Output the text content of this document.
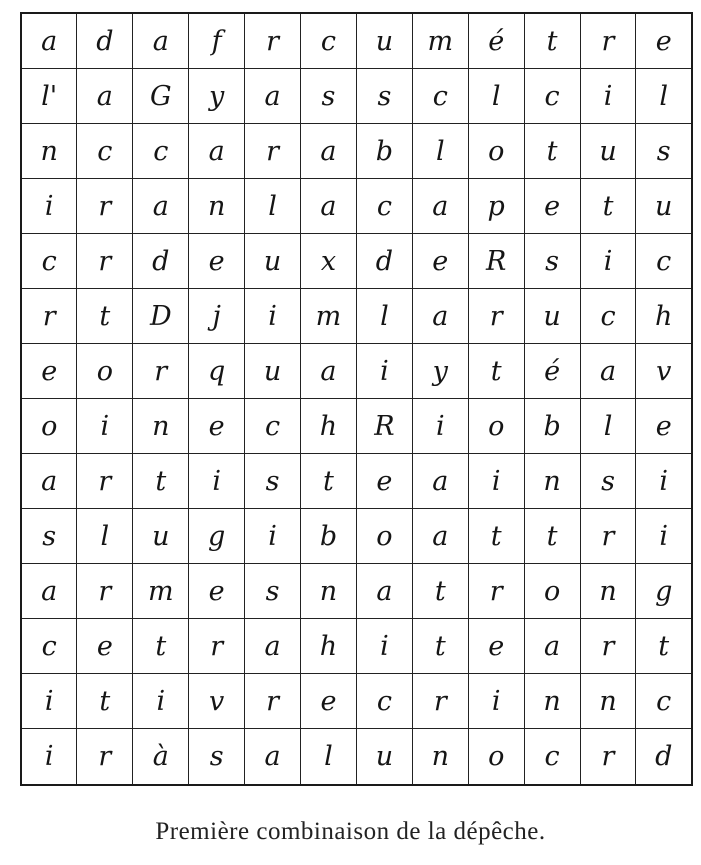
a	d	a	f	r	c	u	m	é	t	r	e
l'	a	G	y	a	s	s	c	l	c	i	l
n	c	c	a	r	a	b	l	o	t	u	s
i	r	a	n	l	a	c	a	p	e	t	u
c	r	d	e	u	x	d	e	R	s	i	c
r	t	D	j	i	m	l	a	r	u	c	h
e	o	r	q	u	a	i	y	t	é	a	v
o	i	n	e	c	h	R	i	o	b	l	e
a	r	t	i	s	t	e	a	i	n	s	i
s	l	u	g	i	b	o	a	t	t	r	i
a	r	m	e	s	n	a	t	r	o	n	g
c	e	t	r	a	h	i	t	e	a	r	t
i	t	i	v	r	e	c	r	i	n	n	c
i	r	à	s	a	l	u	n	o	c	r	d
Première combinaison de la dépêche.
